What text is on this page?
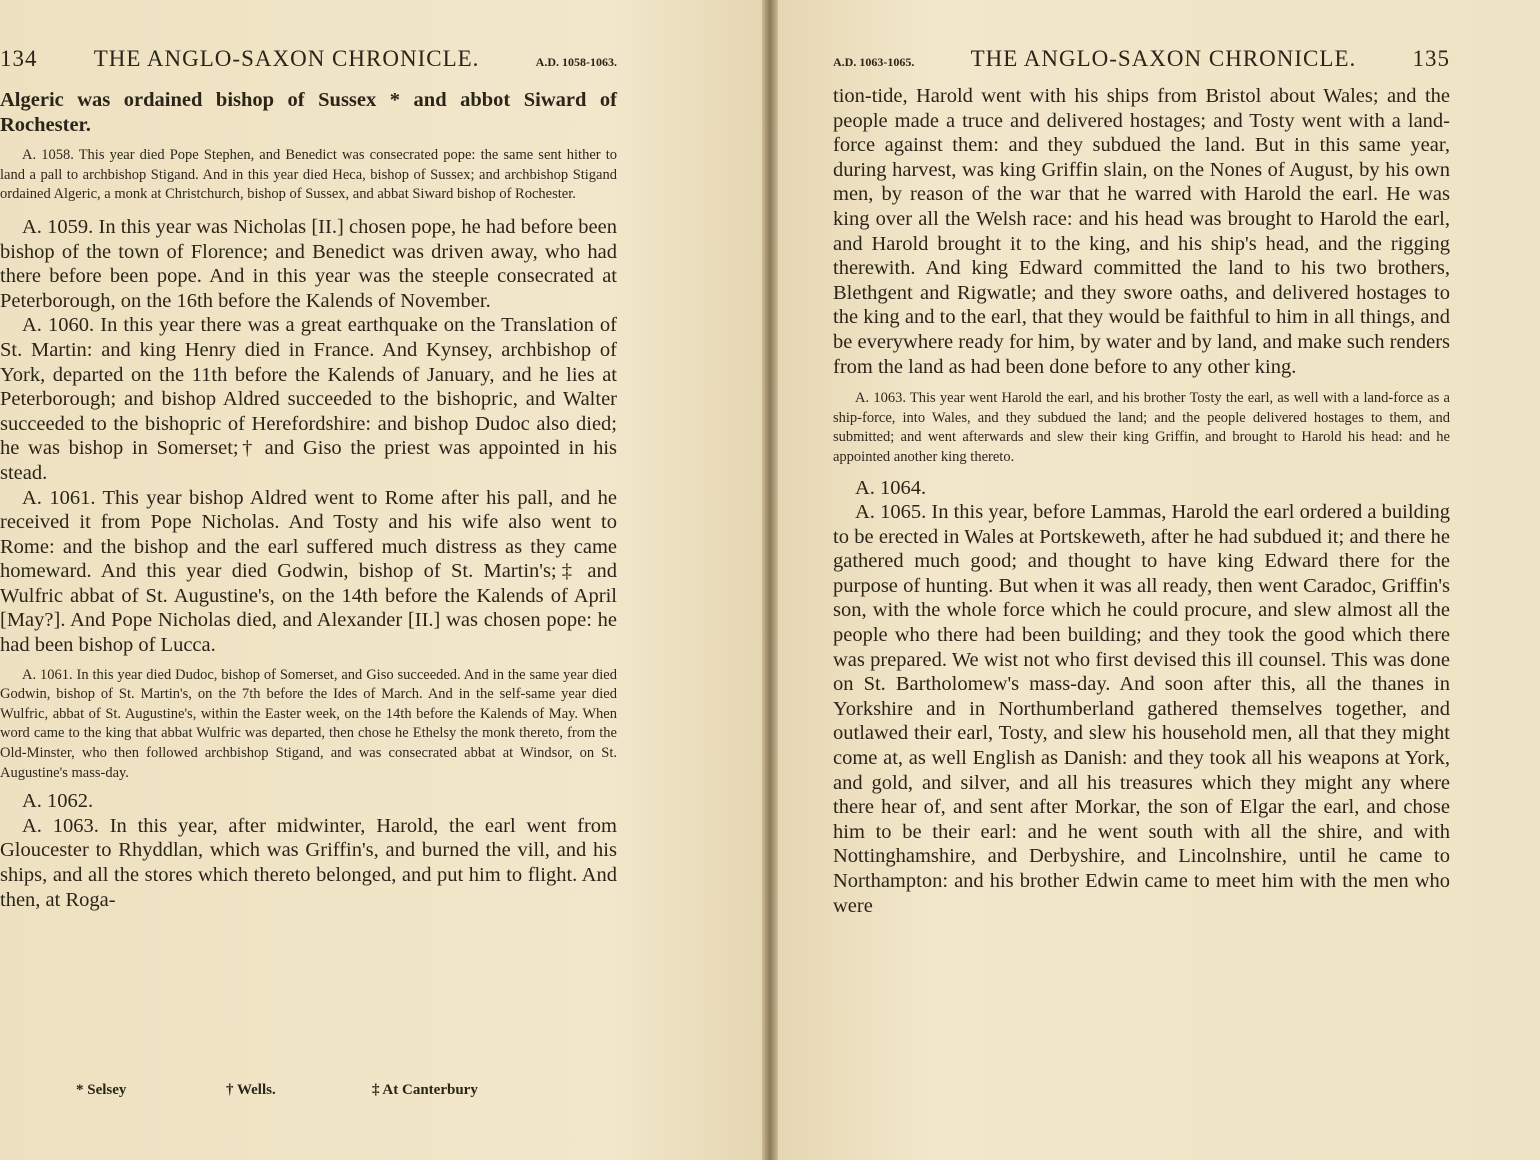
134 THE ANGLO-SAXON CHRONICLE.	A.D. 1058-1063.

Algeric was ordained bishop of Sussex * and abbot Siward of Rochester.

A. 1058. This year died Pope Stephen, and Benedict was consecrated pope: the same sent hither to land a pall to archbishop Stigand. And in this year died Heca, bishop of Sussex; and archbishop Stigand ordained Algeric, a monk at Christchurch, bishop of Sussex, and abbat Siward bishop of Rochester.

A. 1059. In this year was Nicholas [II.] chosen pope, he had before been bishop of the town of Florence; and Benedict was driven away, who had there before been pope. And in this year was the steeple consecrated at Peterborough, on the 16th before the Kalends of November.

A. 1060. In this year there was a great earthquake on the Translation of St. Martin: and king Henry died in France. And Kynsey, archbishop of York, departed on the 11th before the Kalends of January, and he lies at Peterborough; and bishop Aldred succeeded to the bishopric, and Walter succeeded to the bishopric of Herefordshire: and bishop Dudoc also died; he was bishop in Somerset;† and Giso the priest was appointed in his stead.

A. 1061. This year bishop Aldred went to Rome after his pall, and he received it from Pope Nicholas. And Tosty and his wife also went to Rome: and the bishop and the earl suffered much distress as they came homeward. And this year died Godwin, bishop of St. Martin's;‡ and Wulfric abbat of St. Augustine's, on the 14th before the Kalends of April [May?]. And Pope Nicholas died, and Alexander [II.] was chosen pope: he had been bishop of Lucca.

A. 1061. In this year died Dudoc, bishop of Somerset, and Giso succeeded. And in the same year died Godwin, bishop of St. Martin's, on the 7th before the Ides of March. And in the self-same year died Wulfric, abbat of St. Augustine's, within the Easter week, on the 14th before the Kalends of May. When word came to the king that abbat Wulfric was departed, then chose he Ethelsy the monk thereto, from the Old-Minster, who then followed archbishop Stigand, and was consecrated abbat at Windsor, on St. Augustine's mass-day.

A. 1062.

A. 1063. In this year, after midwinter, Harold, the earl went from Gloucester to Rhyddlan, which was Griffin's, and burned the vill, and his ships, and all the stores which thereto belonged, and put him to flight. And then, at Roga-

* Selsey	† Wells.	‡ At Canterbury
A.D. 1063-1065. THE ANGLO-SAXON CHRONICLE. 135

tion-tide, Harold went with his ships from Bristol about Wales; and the people made a truce and delivered hostages; and Tosty went with a land-force against them: and they subdued the land. But in this same year, during harvest, was king Griffin slain, on the Nones of August, by his own men, by reason of the war that he warred with Harold the earl. He was king over all the Welsh race: and his head was brought to Harold the earl, and Harold brought it to the king, and his ship's head, and the rigging therewith. And king Edward committed the land to his two brothers, Blethgent and Rigwatle; and they swore oaths, and delivered hostages to the king and to the earl, that they would be faithful to him in all things, and be everywhere ready for him, by water and by land, and make such renders from the land as had been done before to any other king.

A. 1063. This year went Harold the earl, and his brother Tosty the earl, as well with a land-force as a ship-force, into Wales, and they subdued the land; and the people delivered hostages to them, and submitted; and went afterwards and slew their king Griffin, and brought to Harold his head: and he appointed another king thereto.

A. 1064.

A. 1065. In this year, before Lammas, Harold the earl ordered a building to be erected in Wales at Portskeweth, after he had subdued it; and there he gathered much good; and thought to have king Edward there for the purpose of hunting. But when it was all ready, then went Caradoc, Griffin's son, with the whole force which he could procure, and slew almost all the people who there had been building; and they took the good which there was prepared. We wist not who first devised this ill counsel. This was done on St. Bartholomew's mass-day. And soon after this, all the thanes in Yorkshire and in Northumberland gathered themselves together, and outlawed their earl, Tosty, and slew his household men, all that they might come at, as well English as Danish: and they took all his weapons at York, and gold, and silver, and all his treasures which they might any where there hear of, and sent after Morkar, the son of Elgar the earl, and chose him to be their earl: and he went south with all the shire, and with Nottinghamshire, and Derbyshire, and Lincolnshire, until he came to Northampton: and his brother Edwin came to meet him with the men who were
